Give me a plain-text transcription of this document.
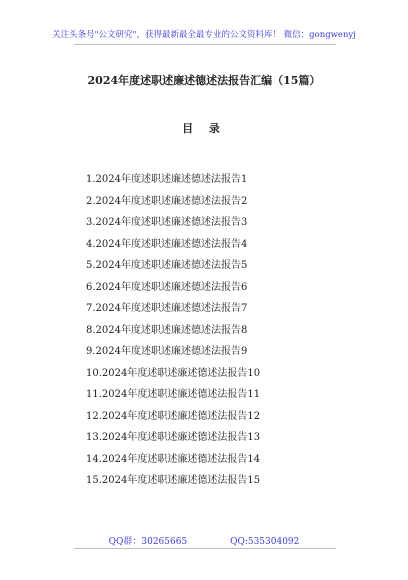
关注头条号"公文研究"，获得最新最全最专业的公文资料库！ 微信：gongwenyj
2024年度述职述廉述德述法报告汇编（15篇）
目 录
1.2024年度述职述廉述德述法报告1
2.2024年度述职述廉述德述法报告2
3.2024年度述职述廉述德述法报告3
4.2024年度述职述廉述德述法报告4
5.2024年度述职述廉述德述法报告5
6.2024年度述职述廉述德述法报告6
7.2024年度述职述廉述德述法报告7
8.2024年度述职述廉述德述法报告8
9.2024年度述职述廉述德述法报告9
10.2024年度述职述廉述德述法报告10
11.2024年度述职述廉述德述法报告11
12.2024年度述职述廉述德述法报告12
13.2024年度述职述廉述德述法报告13
14.2024年度述职述廉述德述法报告14
15.2024年度述职述廉述德述法报告15
QQ群：30265665	QQ:535304092
